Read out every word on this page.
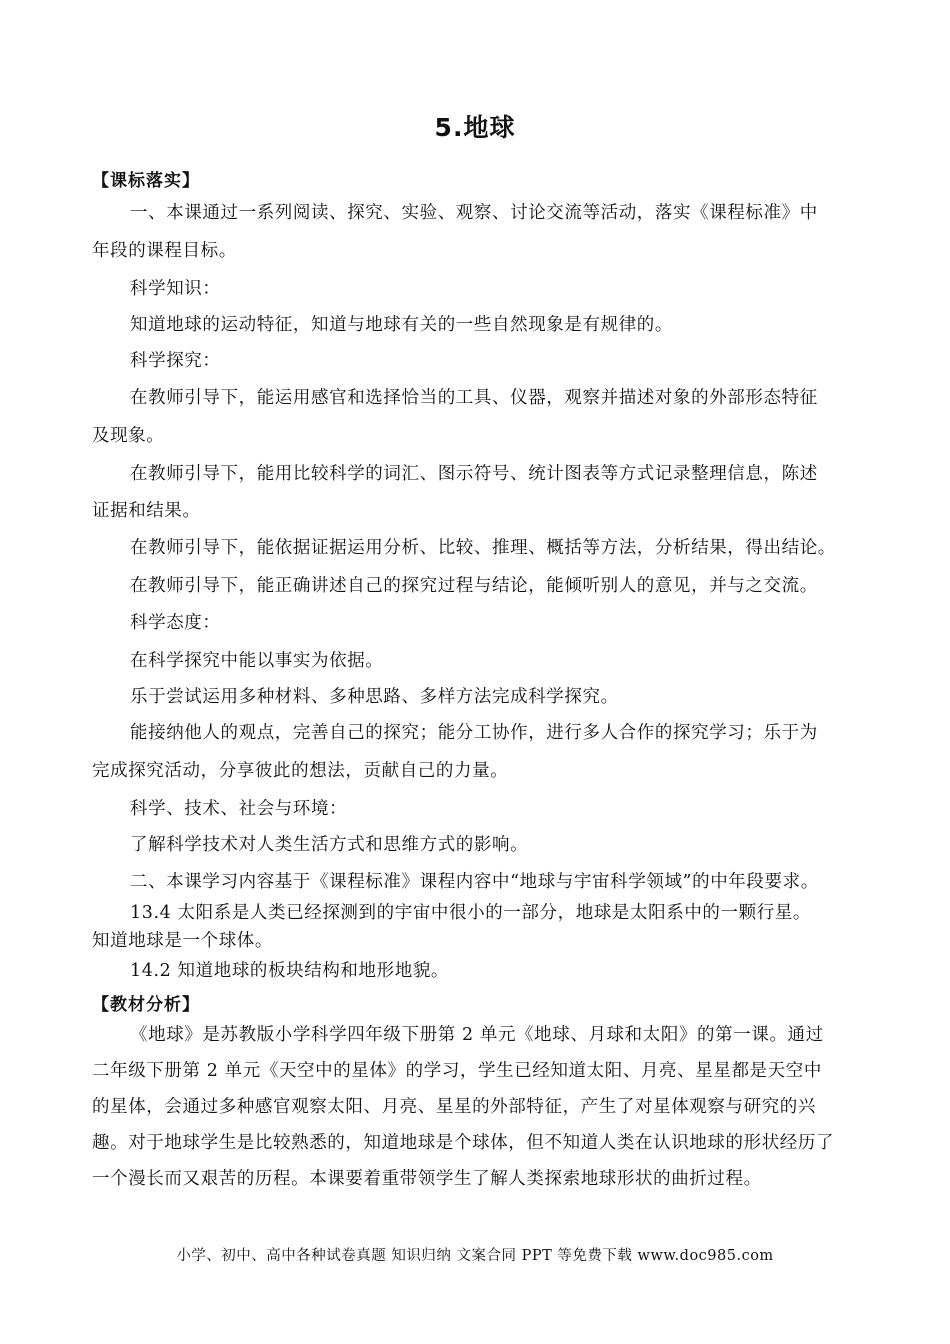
5.地球
【课标落实】
一、本课通过一系列阅读、探究、实验、观察、讨论交流等活动，落实《课程标准》中
年段的课程目标。
科学知识：
知道地球的运动特征，知道与地球有关的一些自然现象是有规律的。
科学探究：
在教师引导下，能运用感官和选择恰当的工具、仪器，观察并描述对象的外部形态特征
及现象。
在教师引导下，能用比较科学的词汇、图示符号、统计图表等方式记录整理信息，陈述
证据和结果。
在教师引导下，能依据证据运用分析、比较、推理、概括等方法，分析结果，得出结论。
在教师引导下，能正确讲述自己的探究过程与结论，能倾听别人的意见，并与之交流。
科学态度：
在科学探究中能以事实为依据。
乐于尝试运用多种材料、多种思路、多样方法完成科学探究。
能接纳他人的观点，完善自己的探究；能分工协作，进行多人合作的探究学习；乐于为
完成探究活动，分享彼此的想法，贡献自己的力量。
科学、技术、社会与环境：
了解科学技术对人类生活方式和思维方式的影响。
二、本课学习内容基于《课程标准》课程内容中“地球与宇宙科学领域”的中年段要求。
13.4 太阳系是人类已经探测到的宇宙中很小的一部分，地球是太阳系中的一颗行星。
知道地球是一个球体。
14.2 知道地球的板块结构和地形地貌。
【教材分析】
《地球》是苏教版小学科学四年级下册第 2 单元《地球、月球和太阳》的第一课。通过
二年级下册第 2 单元《天空中的星体》的学习，学生已经知道太阳、月亮、星星都是天空中
的星体，会通过多种感官观察太阳、月亮、星星的外部特征，产生了对星体观察与研究的兴
趣。对于地球学生是比较熟悉的，知道地球是个球体，但不知道人类在认识地球的形状经历了
一个漫长而又艰苦的历程。本课要着重带领学生了解人类探索地球形状的曲折过程。
小学、初中、高中各种试卷真题 知识归纳 文案合同 PPT 等免费下载 www.doc985.com
